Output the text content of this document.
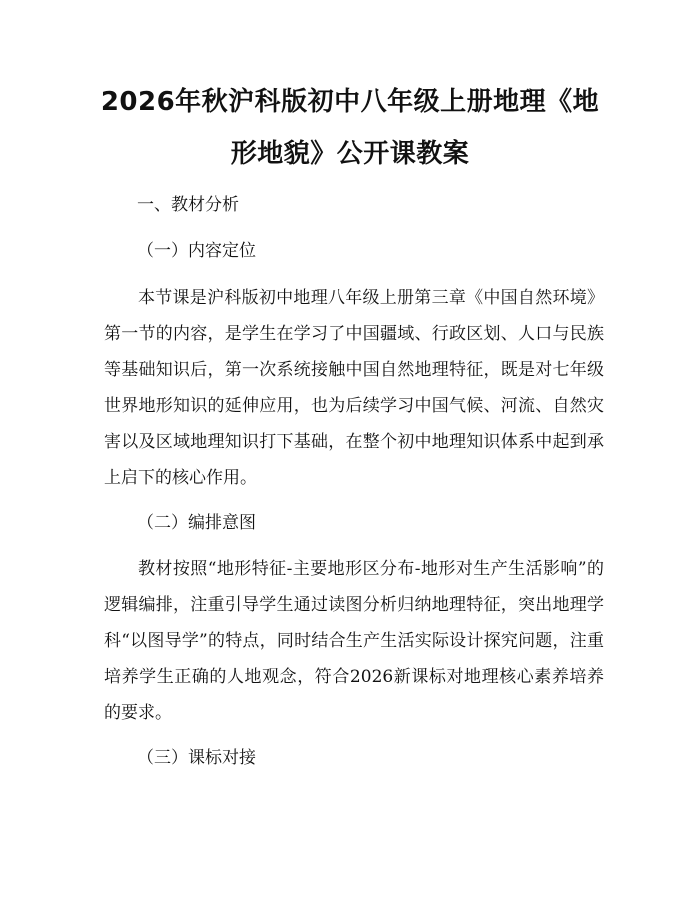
2026年秋沪科版初中八年级上册地理《地形地貌》公开课教案

一、教材分析

（一）内容定位

本节课是沪科版初中地理八年级上册第三章《中国自然环境》第一节的内容，是学生在学习了中国疆域、行政区划、人口与民族等基础知识后，第一次系统接触中国自然地理特征，既是对七年级世界地形知识的延伸应用，也为后续学习中国气候、河流、自然灾害以及区域地理知识打下基础，在整个初中地理知识体系中起到承上启下的核心作用。

（二）编排意图

教材按照“地形特征-主要地形区分布-地形对生产生活影响”的逻辑编排，注重引导学生通过读图分析归纳地理特征，突出地理学科“以图导学”的特点，同时结合生产生活实际设计探究问题，注重培养学生正确的人地观念，符合2026新课标对地理核心素养培养的要求。

（三）课标对接
